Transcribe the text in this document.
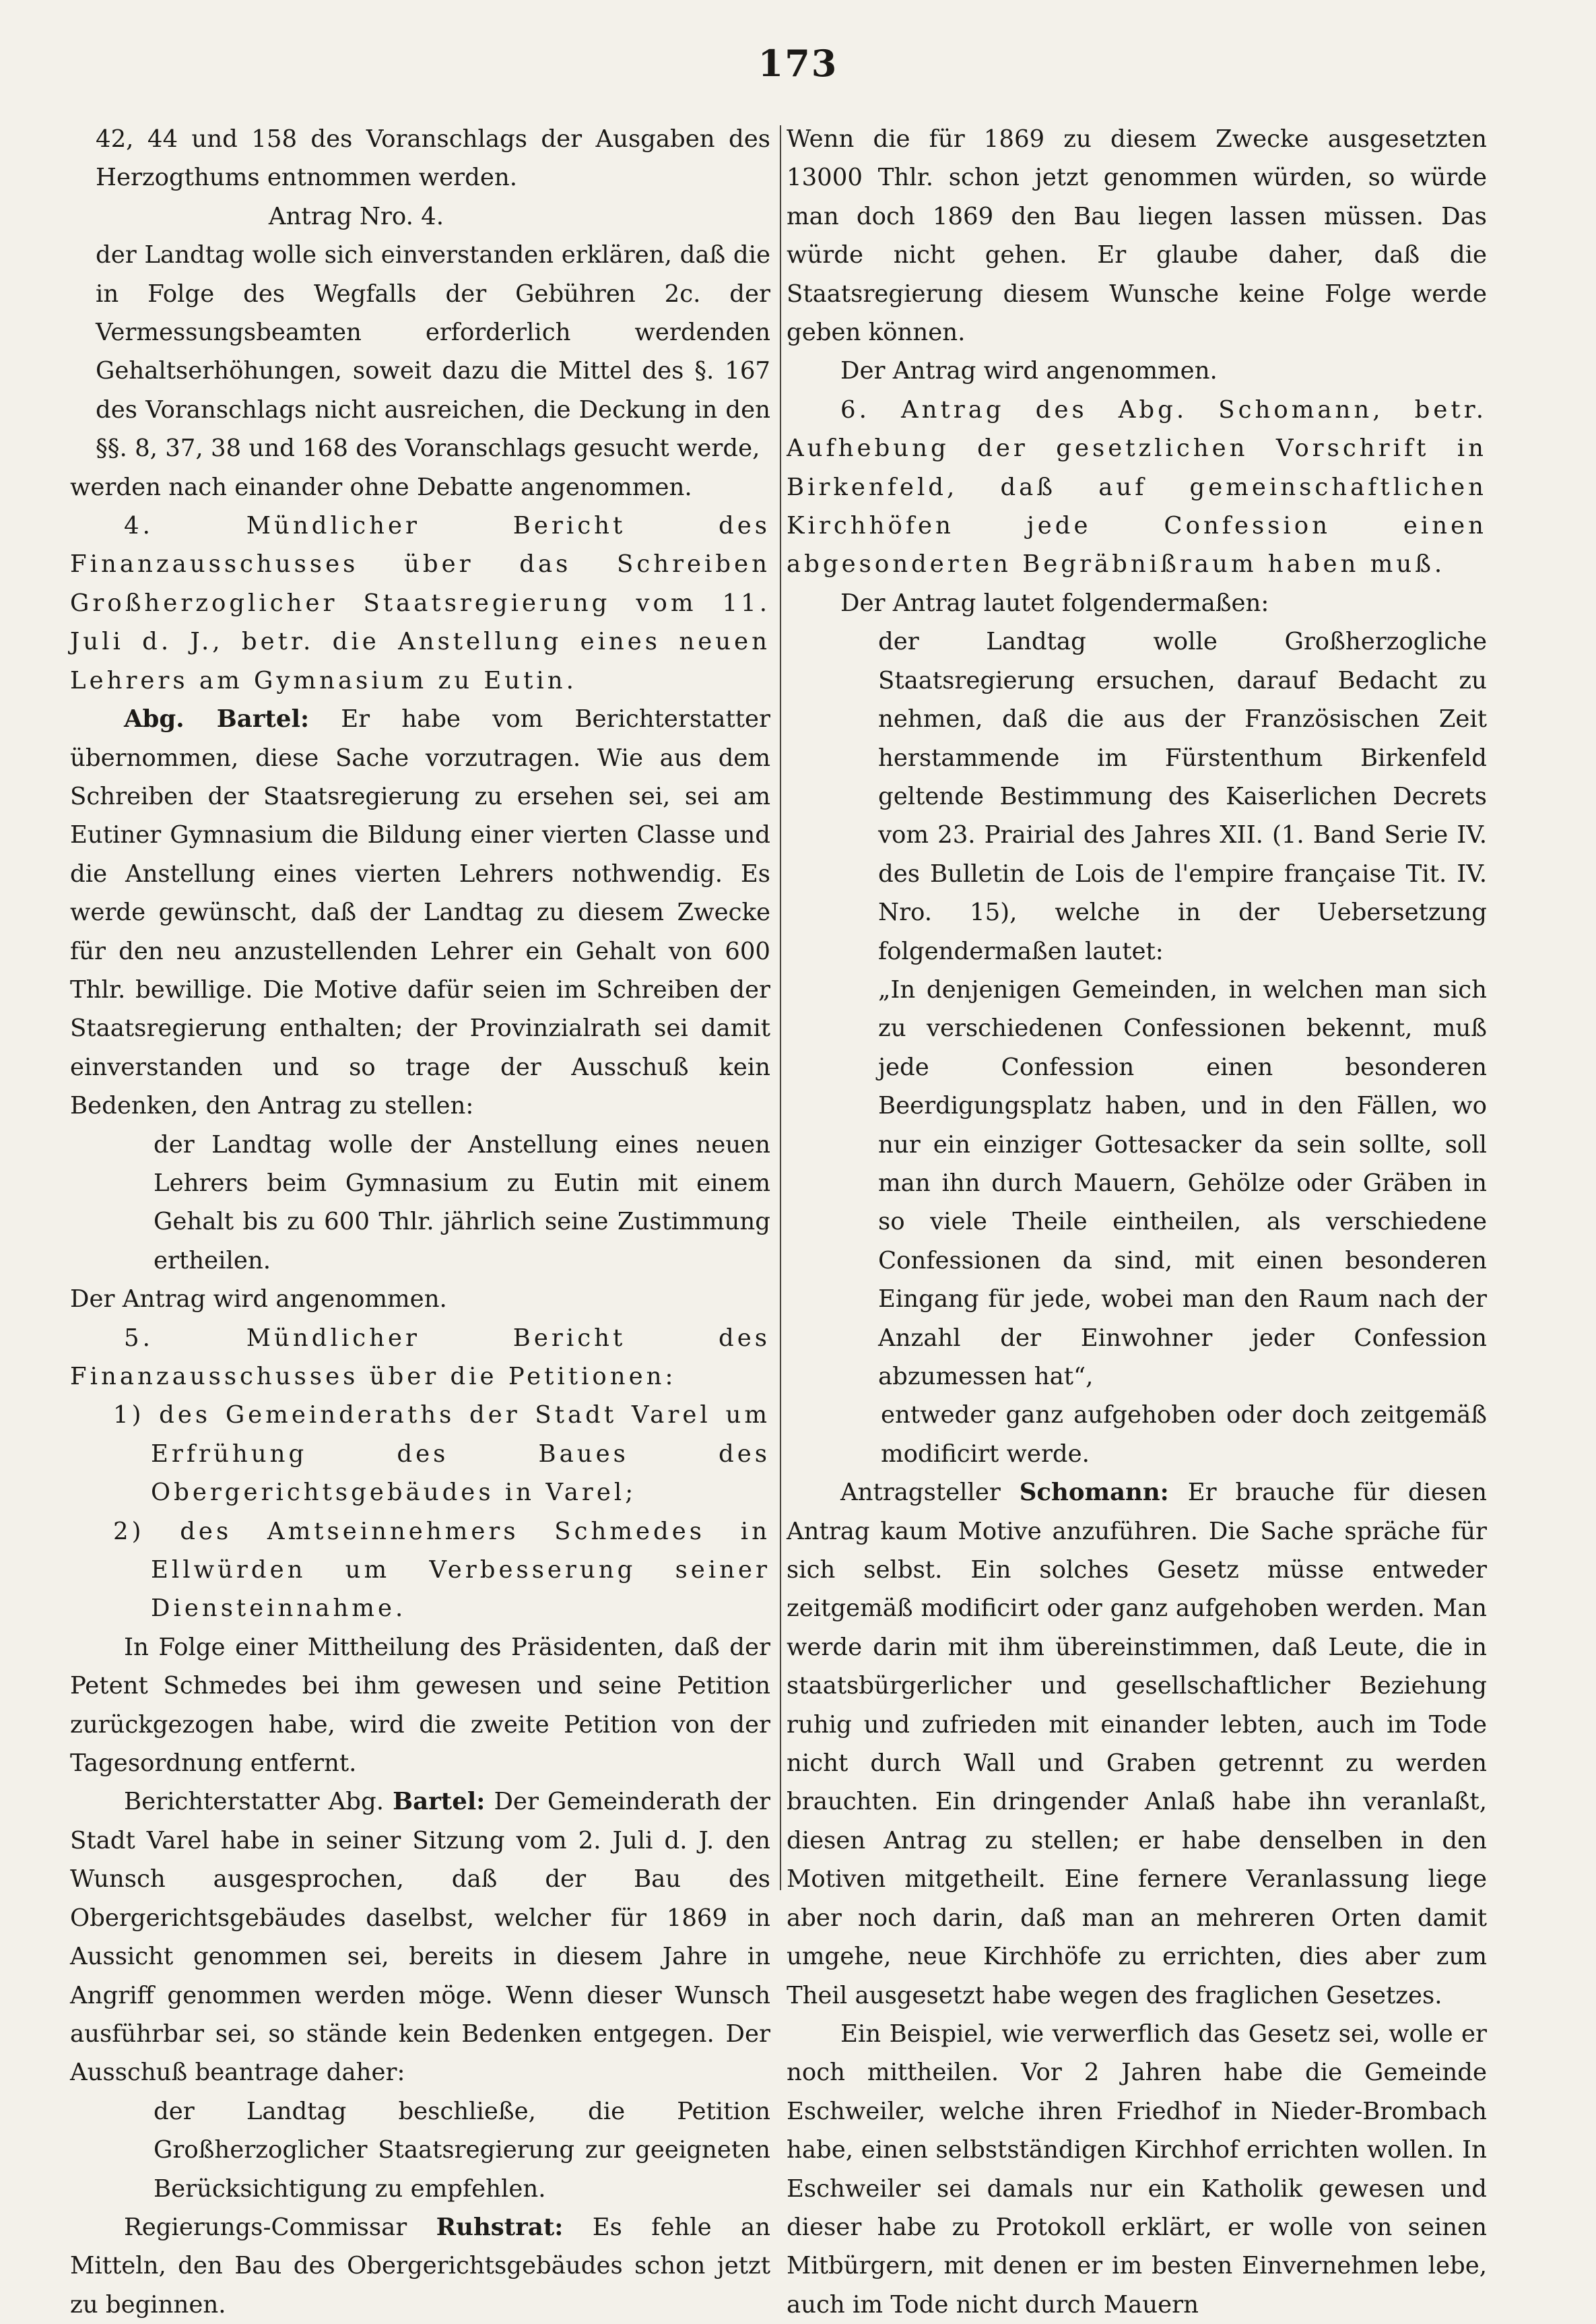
173

42, 44 und 158 des Voranschlags der Ausgaben des Herzogthums entnommen werden.

Antrag Nro. 4.

der Landtag wolle sich einverstanden erklären, daß die in Folge des Wegfalls der Gebühren 2c. der Vermessungsbeamten erforderlich werdenden Gehaltserhöhungen, soweit dazu die Mittel des §. 167 des Voranschlags nicht ausreichen, die Deckung in den §§. 8, 37, 38 und 168 des Voranschlags gesucht werde,

werden nach einander ohne Debatte angenommen.

4. Mündlicher Bericht des Finanzausschusses über das Schreiben Großherzoglicher Staatsregierung vom 11. Juli d. J., betr. die Anstellung eines neuen Lehrers am Gymnasium zu Eutin.

Abg. Bartel: Er habe vom Berichterstatter übernommen, diese Sache vorzutragen. Wie aus dem Schreiben der Staatsregierung zu ersehen sei, sei am Eutiner Gymnasium die Bildung einer vierten Classe und die Anstellung eines vierten Lehrers nothwendig. Es werde gewünscht, daß der Landtag zu diesem Zwecke für den neu anzustellenden Lehrer ein Gehalt von 600 Thlr. bewillige. Die Motive dafür seien im Schreiben der Staatsregierung enthalten; der Provinzialrath sei damit einverstanden und so trage der Ausschuß kein Bedenken, den Antrag zu stellen:

der Landtag wolle der Anstellung eines neuen Lehrers beim Gymnasium zu Eutin mit einem Gehalt bis zu 600 Thlr. jährlich seine Zustimmung ertheilen.

Der Antrag wird angenommen.

5. Mündlicher Bericht des Finanzausschusses über die Petitionen:

1) des Gemeinderaths der Stadt Varel um Erfrühung des Baues des Obergerichtsgebäudes in Varel;

2) des Amtseinnehmers Schmedes in Ellwürden um Verbesserung seiner Diensteinnahme.

In Folge einer Mittheilung des Präsidenten, daß der Petent Schmedes bei ihm gewesen und seine Petition zurückgezogen habe, wird die zweite Petition von der Tagesordnung entfernt.

Berichterstatter Abg. Bartel: Der Gemeinderath der Stadt Varel habe in seiner Sitzung vom 2. Juli d. J. den Wunsch ausgesprochen, daß der Bau des Obergerichtsgebäudes daselbst, welcher für 1869 in Aussicht genommen sei, bereits in diesem Jahre in Angriff genommen werden möge. Wenn dieser Wunsch ausführbar sei, so stände kein Bedenken entgegen. Der Ausschuß beantrage daher:

der Landtag beschließe, die Petition Großherzoglicher Staatsregierung zur geeigneten Berücksichtigung zu empfehlen.

Regierungs-Commissar Ruhstrat: Es fehle an Mitteln, den Bau des Obergerichtsgebäudes schon jetzt zu beginnen.

Wenn die für 1869 zu diesem Zwecke ausgesetzten 13000 Thlr. schon jetzt genommen würden, so würde man doch 1869 den Bau liegen lassen müssen. Das würde nicht gehen. Er glaube daher, daß die Staatsregierung diesem Wunsche keine Folge werde geben können.

Der Antrag wird angenommen.

6. Antrag des Abg. Schomann, betr. Aufhebung der gesetzlichen Vorschrift in Birkenfeld, daß auf gemeinschaftlichen Kirchhöfen jede Confession einen abgesonderten Begräbnißraum haben muß.

Der Antrag lautet folgendermaßen:

der Landtag wolle Großherzogliche Staatsregierung ersuchen, darauf Bedacht zu nehmen, daß die aus der Französischen Zeit herstammende im Fürstenthum Birkenfeld geltende Bestimmung des Kaiserlichen Decrets vom 23. Prairial des Jahres XII. (1. Band Serie IV. des Bulletin de Lois de l'empire française Tit. IV. Nro. 15), welche in der Uebersetzung folgendermaßen lautet:

„In denjenigen Gemeinden, in welchen man sich zu verschiedenen Confessionen bekennt, muß jede Confession einen besonderen Beerdigungsplatz haben, und in den Fällen, wo nur ein einziger Gottesacker da sein sollte, soll man ihn durch Mauern, Gehölze oder Gräben in so viele Theile eintheilen, als verschiedene Confessionen da sind, mit einen besonderen Eingang für jede, wobei man den Raum nach der Anzahl der Einwohner jeder Confession abzumessen hat“,

entweder ganz aufgehoben oder doch zeitgemäß modificirt werde.

Antragsteller Schomann: Er brauche für diesen Antrag kaum Motive anzuführen. Die Sache spräche für sich selbst. Ein solches Gesetz müsse entweder zeitgemäß modificirt oder ganz aufgehoben werden. Man werde darin mit ihm übereinstimmen, daß Leute, die in staatsbürgerlicher und gesellschaftlicher Beziehung ruhig und zufrieden mit einander lebten, auch im Tode nicht durch Wall und Graben getrennt zu werden brauchten. Ein dringender Anlaß habe ihn veranlaßt, diesen Antrag zu stellen; er habe denselben in den Motiven mitgetheilt. Eine fernere Veranlassung liege aber noch darin, daß man an mehreren Orten damit umgehe, neue Kirchhöfe zu errichten, dies aber zum Theil ausgesetzt habe wegen des fraglichen Gesetzes.

Ein Beispiel, wie verwerflich das Gesetz sei, wolle er noch mittheilen. Vor 2 Jahren habe die Gemeinde Eschweiler, welche ihren Friedhof in Nieder-Brombach habe, einen selbstständigen Kirchhof errichten wollen. In Eschweiler sei damals nur ein Katholik gewesen und dieser habe zu Protokoll erklärt, er wolle von seinen Mitbürgern, mit denen er im besten Einvernehmen lebe, auch im Tode nicht durch Mauern
